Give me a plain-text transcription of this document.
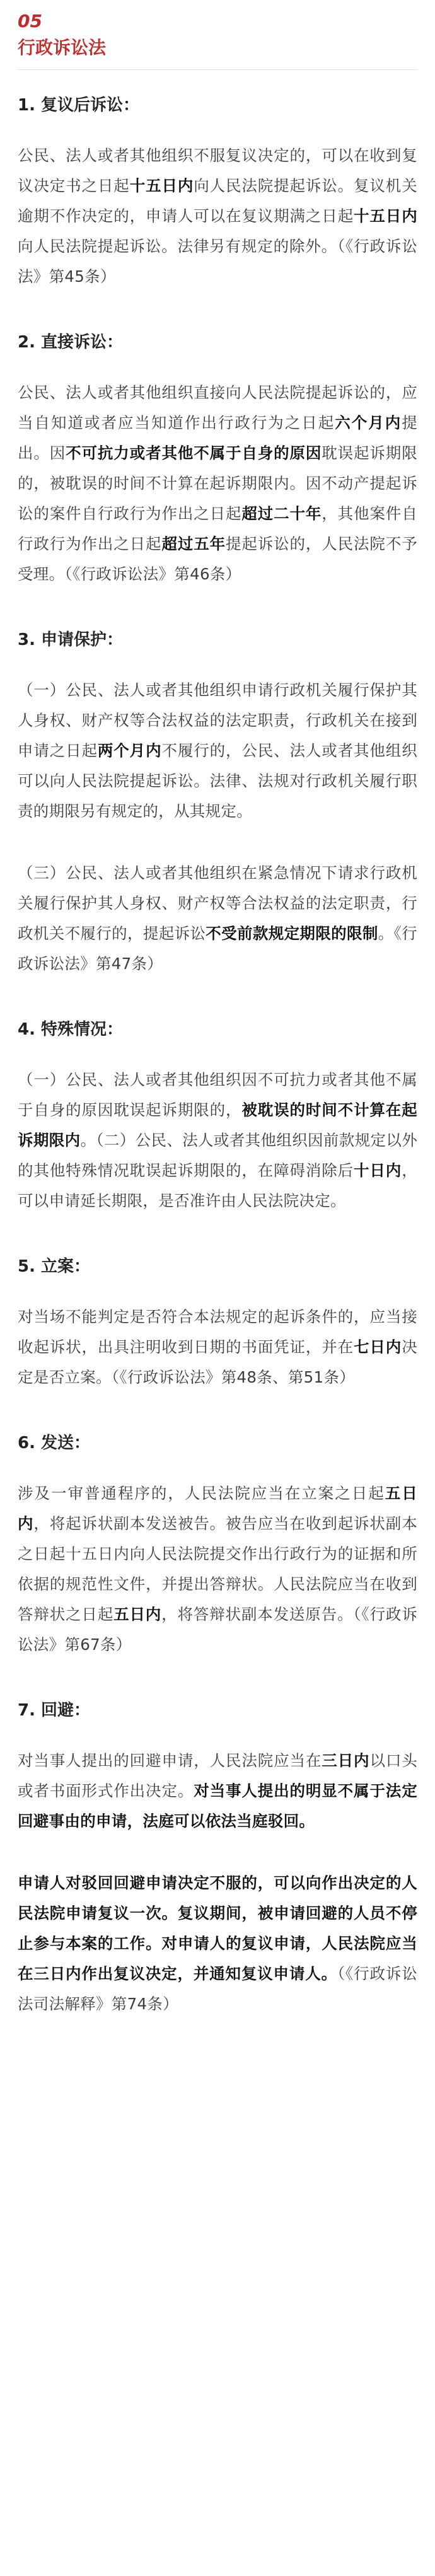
05

行政诉讼法

1. 复议后诉讼：

公民、法人或者其他组织不服复议决定的，可以在收到复议决定书之日起十五日内向人民法院提起诉讼。复议机关逾期不作决定的，申请人可以在复议期满之日起十五日内向人民法院提起诉讼。法律另有规定的除外。（《行政诉讼法》第45条）

2. 直接诉讼：

公民、法人或者其他组织直接向人民法院提起诉讼的，应当自知道或者应当知道作出行政行为之日起六个月内提出。因不可抗力或者其他不属于自身的原因耽误起诉期限的，被耽误的时间不计算在起诉期限内。因不动产提起诉讼的案件自行政行为作出之日起超过二十年，其他案件自行政行为作出之日起超过五年提起诉讼的，人民法院不予受理。（《行政诉讼法》第46条）

3. 申请保护：

（一）公民、法人或者其他组织申请行政机关履行保护其人身权、财产权等合法权益的法定职责，行政机关在接到申请之日起两个月内不履行的，公民、法人或者其他组织可以向人民法院提起诉讼。法律、法规对行政机关履行职责的期限另有规定的，从其规定。

（三）公民、法人或者其他组织在紧急情况下请求行政机关履行保护其人身权、财产权等合法权益的法定职责，行政机关不履行的，提起诉讼不受前款规定期限的限制。《行政诉讼法》第47条）

4. 特殊情况：

（一）公民、法人或者其他组织因不可抗力或者其他不属于自身的原因耽误起诉期限的，被耽误的时间不计算在起诉期限内。（二）公民、法人或者其他组织因前款规定以外的其他特殊情况耽误起诉期限的，在障碍消除后十日内，可以申请延长期限，是否准许由人民法院决定。

5. 立案：

对当场不能判定是否符合本法规定的起诉条件的，应当接收起诉状，出具注明收到日期的书面凭证，并在七日内决定是否立案。（《行政诉讼法》第48条、第51条）

6. 发送：

涉及一审普通程序的，人民法院应当在立案之日起五日内，将起诉状副本发送被告。被告应当在收到起诉状副本之日起十五日内向人民法院提交作出行政行为的证据和所依据的规范性文件，并提出答辩状。人民法院应当在收到答辩状之日起五日内，将答辩状副本发送原告。（《行政诉讼法》第67条）

7. 回避：

对当事人提出的回避申请，人民法院应当在三日内以口头或者书面形式作出决定。对当事人提出的明显不属于法定回避事由的申请，法庭可以依法当庭驳回。

申请人对驳回回避申请决定不服的，可以向作出决定的人民法院申请复议一次。复议期间，被申请回避的人员不停止参与本案的工作。对申请人的复议申请，人民法院应当在三日内作出复议决定，并通知复议申请人。（《行政诉讼法司法解释》第74条）
